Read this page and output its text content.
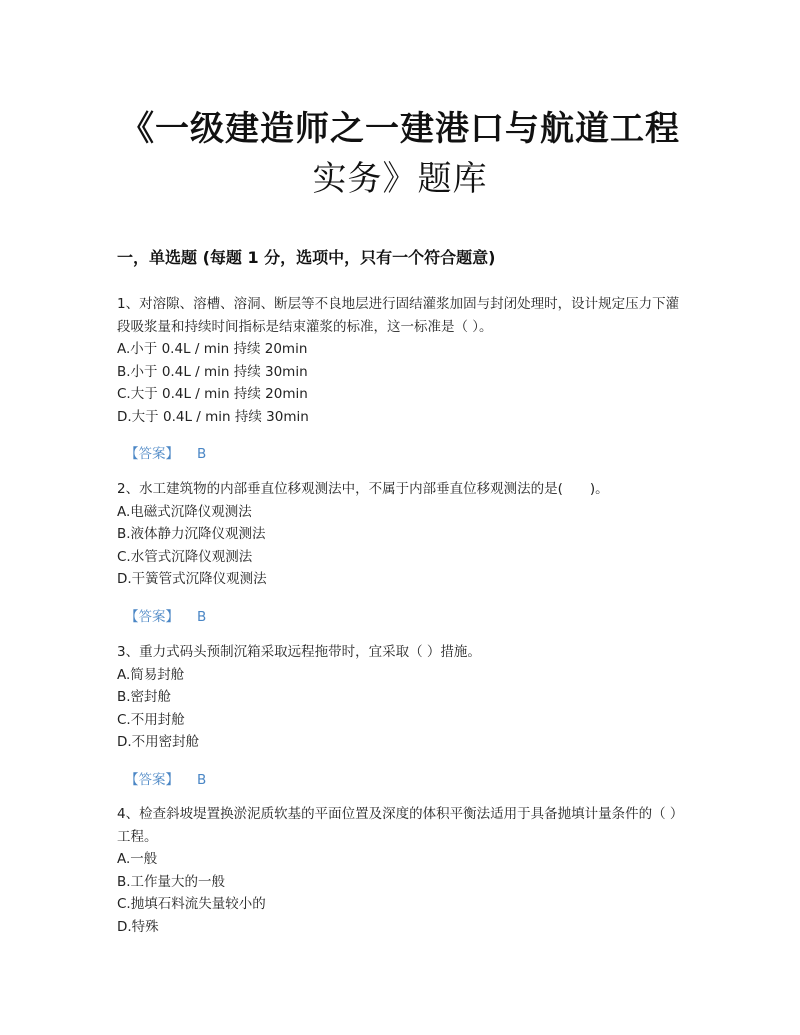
《一级建造师之一建港口与航道工程
实务》题库
一，单选题 (每题 1 分，选项中，只有一个符合题意)

1、对溶隙、溶槽、溶洞、断层等不良地层进行固结灌浆加固与封闭处理时，设计规定压力下灌段吸浆量和持续时间指标是结束灌浆的标准，这一标准是（ ）。

A.小于 0.4L / min 持续 20min

B.小于 0.4L / min 持续 30min

C.大于 0.4L / min 持续 20min

D.大于 0.4L / min 持续 30min

【答案】 B

2、水工建筑物的内部垂直位移观测法中，不属于内部垂直位移观测法的是(　　)。

A.电磁式沉降仪观测法

B.液体静力沉降仪观测法

C.水管式沉降仪观测法

D.干簧管式沉降仪观测法

【答案】 B

3、重力式码头预制沉箱采取远程拖带时，宜采取（ ）措施。

A.简易封舱

B.密封舱

C.不用封舱

D.不用密封舱

【答案】 B

4、检查斜坡堤置换淤泥质软基的平面位置及深度的体积平衡法适用于具备抛填计量条件的（ ）工程。

A.一般

B.工作量大的一般

C.抛填石料流失量较小的

D.特殊
